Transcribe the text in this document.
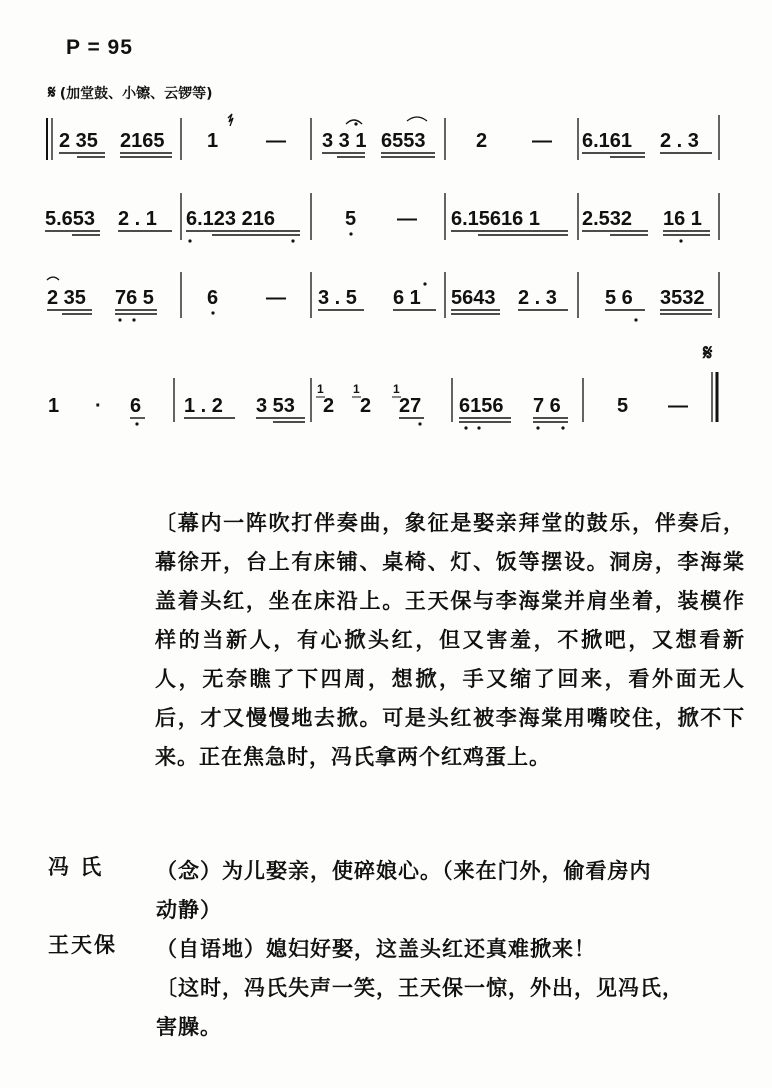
P = 95
𝄋 (加堂鼓、小镲、云锣等)
2 35 2165 1 — 3 3 1 6553	2 — 6.161 2 . 3
5.653 2 . 1 6.123 216	5 — 6.15616 1 2.532 16 1
2 35 76 5	6 — 3 . 5 6 1 5643 2 . 3 5 6 3532
𝄋
1 · 6 1 . 2 3 53
1
2
1
2
1
27 6156 7 6	5 —

〔幕内一阵吹打伴奏曲，象征是娶亲拜堂的鼓乐，伴奏后，幕徐开，台上有床铺、桌椅、灯、饭等摆设。洞房，李海棠盖着头红，坐在床沿上。王天保与李海棠并肩坐着，装模作样的当新人，有心掀头红，但又害羞，不掀吧，又想看新人，无奈瞧了下四周，想掀，手又缩了回来，看外面无人后，才又慢慢地去掀。可是头红被李海棠用嘴咬住，掀不下来。正在焦急时，冯氏拿两个红鸡蛋上。

冯 氏	（念）为儿娶亲，使碎娘心。（来在门外，偷看房内
动静）
王天保	（自语地）媳妇好娶，这盖头红还真难掀来！
〔这时，冯氏失声一笑，王天保一惊，外出，见冯氏，
害臊。
